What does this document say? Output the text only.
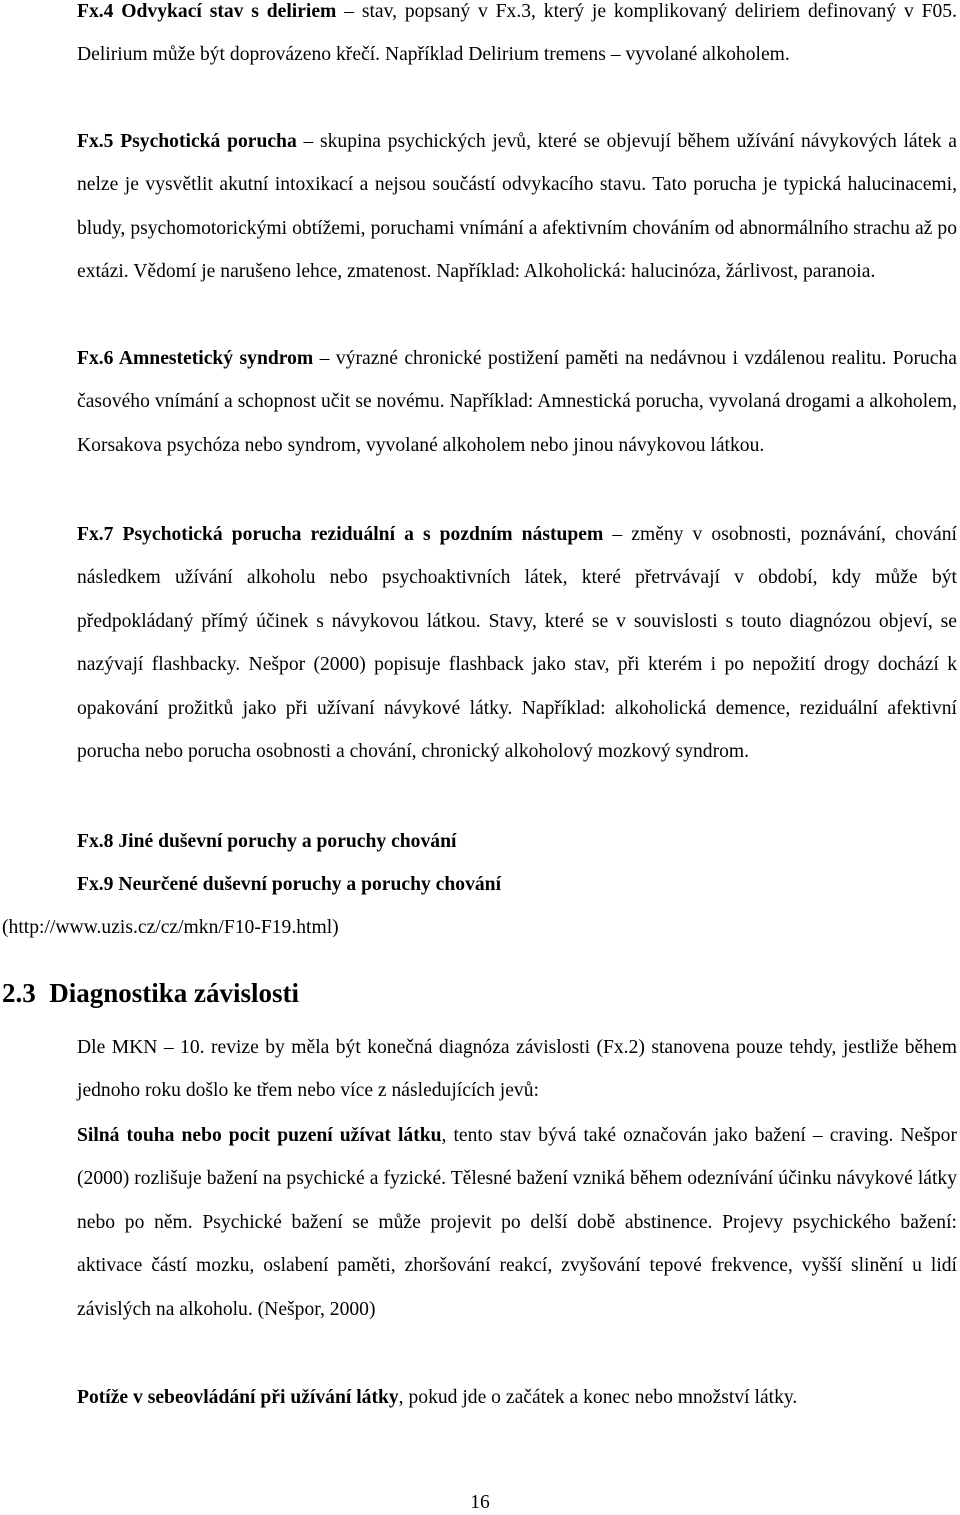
Fx.4 Odvykací stav s deliriem – stav, popsaný v Fx.3, který je komplikovaný deliriem definovaný v F05. Delirium může být doprovázeno křečí. Například Delirium tremens – vyvolané alkoholem.

Fx.5 Psychotická porucha – skupina psychických jevů, které se objevují během užívání návykových látek a nelze je vysvětlit akutní intoxikací a nejsou součástí odvykacího stavu. Tato porucha je typická halucinacemi, bludy, psychomotorickými obtížemi, poruchami vnímání a afektivním chováním od abnormálního strachu až po extázi. Vědomí je narušeno lehce, zmatenost. Například: Alkoholická: halucinóza, žárlivost, paranoia.

Fx.6 Amnestetický syndrom – výrazné chronické postižení paměti na nedávnou i vzdálenou realitu. Porucha časového vnímání a schopnost učit se novému. Například: Amnestická porucha, vyvolaná drogami a alkoholem, Korsakova psychóza nebo syndrom, vyvolané alkoholem nebo jinou návykovou látkou.

Fx.7 Psychotická porucha reziduální a s pozdním nástupem – změny v osobnosti, poznávání, chování následkem užívání alkoholu nebo psychoaktivních látek, které přetrvávají v období, kdy může být předpokládaný přímý účinek s návykovou látkou. Stavy, které se v souvislosti s touto diagnózou objeví, se nazývají flashbacky. Nešpor (2000) popisuje flashback jako stav, při kterém i po nepožití drogy dochází k opakování prožitků jako při užívaní návykové látky. Například: alkoholická demence, reziduální afektivní porucha nebo porucha osobnosti a chování, chronický alkoholový mozkový syndrom.

Fx.8 Jiné duševní poruchy a poruchy chování

Fx.9 Neurčené duševní poruchy a poruchy chování

(http://www.uzis.cz/cz/mkn/F10-F19.html)

2.3 Diagnostika závislosti

Dle MKN – 10. revize by měla být konečná diagnóza závislosti (Fx.2) stanovena pouze tehdy, jestliže během jednoho roku došlo ke třem nebo více z následujících jevů:

Silná touha nebo pocit puzení užívat látku, tento stav bývá také označován jako bažení – craving. Nešpor (2000) rozlišuje bažení na psychické a fyzické. Tělesné bažení vzniká během odeznívání účinku návykové látky nebo po něm. Psychické bažení se může projevit po delší době abstinence. Projevy psychického bažení: aktivace částí mozku, oslabení paměti, zhoršování reakcí, zvyšování tepové frekvence, vyšší slinění u lidí závislých na alkoholu. (Nešpor, 2000)

Potíže v sebeovládání při užívání látky, pokud jde o začátek a konec nebo množství látky.

16
